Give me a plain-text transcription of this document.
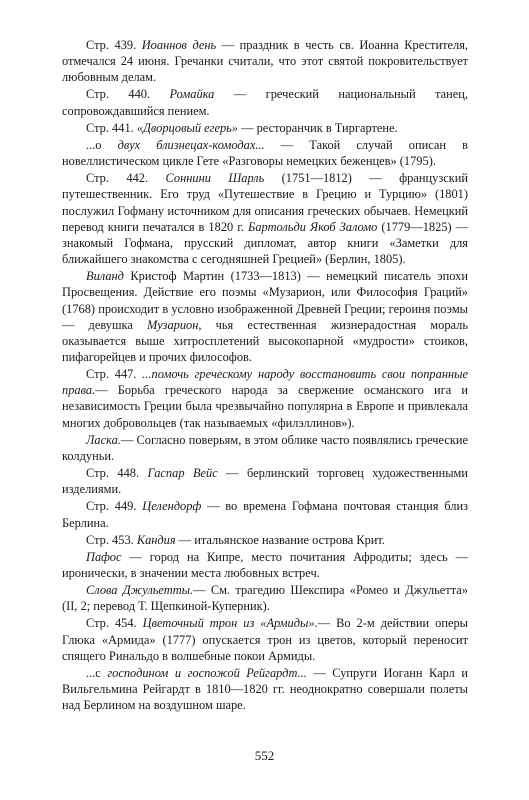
Стр. 439. Иоаннов день — праздник в честь св. Иоанна Крестителя, отмечался 24 июня. Гречанки считали, что этот святой покровительствует любовным делам.

Стр. 440. Ромайка — греческий национальный танец, сопровождавшийся пением.

Стр. 441. «Дворцовый егерь» — ресторанчик в Тиргартене.

...о двух близнецах-комодах... — Такой случай описан в новеллистическом цикле Гете «Разговоры немецких беженцев» (1795).

Стр. 442. Соннини Шарль (1751—1812) — французский путешественник. Его труд «Путешествие в Грецию и Турцию» (1801) послужил Гофману источником для описания греческих обычаев. Немецкий перевод книги печатался в 1820 г. Бартольди Якоб Заломо (1779—1825) — знакомый Гофмана, прусский дипломат, автор книги «Заметки для ближайшего знакомства с сегодняшней Грецией» (Берлин, 1805).

Виланд Кристоф Мартин (1733—1813) — немецкий писатель эпохи Просвещения. Действие его поэмы «Музарион, или Философия Граций» (1768) происходит в условно изображенной Древней Греции; героиня поэмы — девушка Музарион, чья естественная жизнерадостная мораль оказывается выше хитросплетений высокопарной «мудрости» стоиков, пифагорейцев и прочих философов.

Стр. 447. ...помочь греческому народу восстановить свои попранные права.— Борьба греческого народа за свержение османского ига и независимость Греции была чрезвычайно популярна в Европе и привлекала многих добровольцев (так называемых «филэллинов»).

Ласка.— Согласно поверьям, в этом облике часто появлялись греческие колдуньи.

Стр. 448. Гаспар Вейс — берлинский торговец художественными изделиями.

Стр. 449. Целендорф — во времена Гофмана почтовая станция близ Берлина.

Стр. 453. Кандия — итальянское название острова Крит.

Пафос — город на Кипре, место почитания Афродиты; здесь — иронически, в значении места любовных встреч.

Слова Джульетты.— См. трагедию Шекспира «Ромео и Джульетта» (II, 2; перевод Т. Щепкиной-Куперник).

Стр. 454. Цветочный трон из «Армиды».— Во 2-м действии оперы Глюка «Армида» (1777) опускается трон из цветов, который переносит спящего Ринальдо в волшебные покои Армиды.

...с господином и госпожой Рейгардт... — Супруги Иоганн Карл и Вильгельмина Рейгардт в 1810—1820 гг. неоднократно совершали полеты над Берлином на воздушном шаре.

552
